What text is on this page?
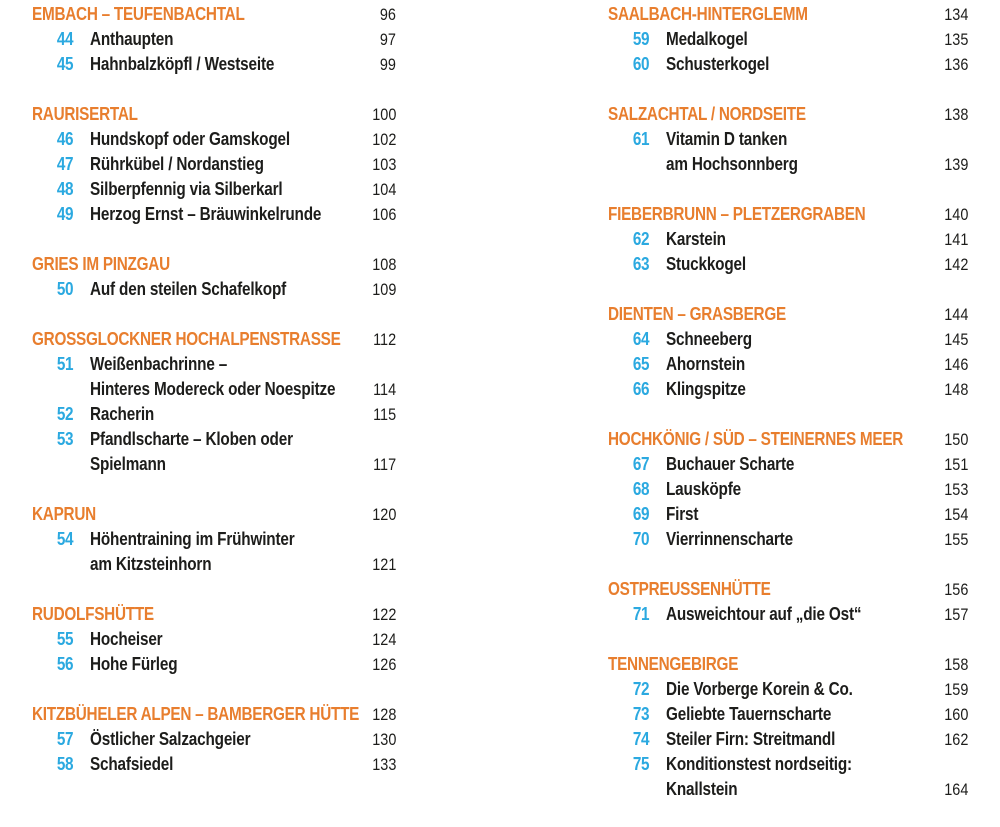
EMBACH – TEUFENBACHTAL	96
44 Anthaupten	97
45 Hahnbalzköpfl / Westseite	99
RAURISERTAL	100
46 Hundskopf oder Gamskogel	102
47 Rührkübel / Nordanstieg	103
48 Silberpfennig via Silberkarl	104
49 Herzog Ernst – Bräuwinkelrunde	106
GRIES IM PINZGAU	108
50 Auf den steilen Schafelkopf	109
GROSSGLOCKNER HOCHALPENSTRASSE	112
51 Weißenbachrinne –
Hinteres Modereck oder Noespitze	114
52 Racherin	115
53 Pfandlscharte – Kloben oder
Spielmann	117
KAPRUN	120
54 Höhentraining im Frühwinter
am Kitzsteinhorn	121
RUDOLFSHÜTTE	122
55 Hocheiser	124
56 Hohe Fürleg	126
KITZBÜHELER ALPEN – BAMBERGER HÜTTE 128
57 Östlicher Salzachgeier	130
58 Schafsiedel	133
SAALBACH-HINTERGLEMM	134
59 Medalkogel	135
60 Schusterkogel	136
SALZACHTAL / NORDSEITE	138
61 Vitamin D tanken
am Hochsonnberg	139
FIEBERBRUNN – PLETZERGRABEN	140
62 Karstein	141
63 Stuckkogel	142
DIENTEN – GRASBERGE	144
64 Schneeberg	145
65 Ahornstein	146
66 Klingspitze	148
HOCHKÖNIG / SÜD – STEINERNES MEER	150
67 Buchauer Scharte	151
68 Lausköpfe	153
69 First	154
70 Vierrinnenscharte	155
OSTPREUSSENHÜTTE	156
71 Ausweichtour auf „die Ost“	157
TENNENGEBIRGE	158
72 Die Vorberge Korein & Co.	159
73 Geliebte Tauernscharte	160
74 Steiler Firn: Streitmandl	162
75 Konditionstest nordseitig:
Knallstein	164
